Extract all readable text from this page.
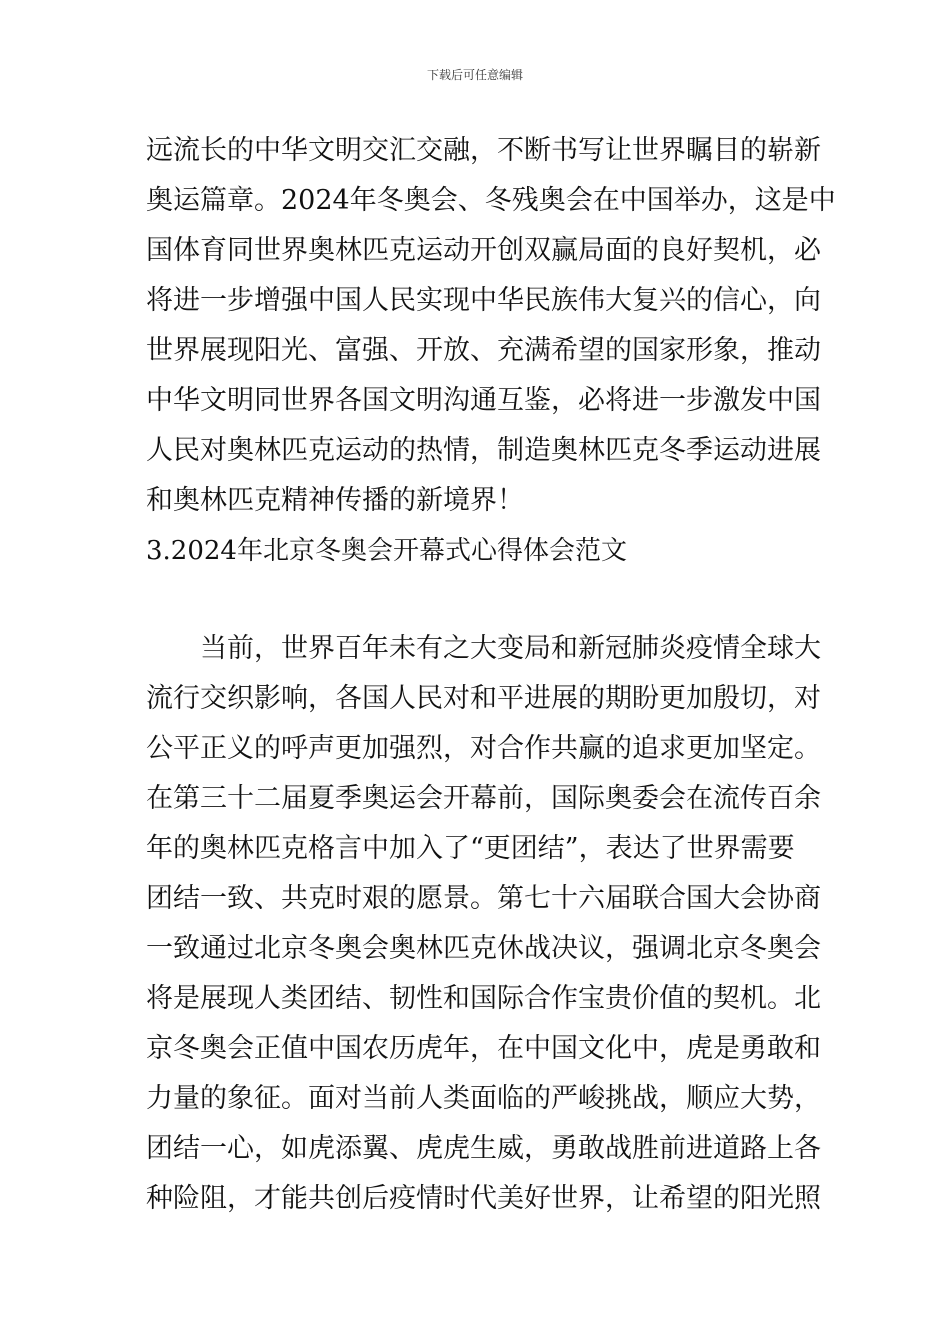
下载后可任意编辑
远流长的中华文明交汇交融，不断书写让世界瞩目的崭新
奥运篇章。2024年冬奥会、冬残奥会在中国举办，这是中
国体育同世界奥林匹克运动开创双赢局面的良好契机，必
将进一步增强中国人民实现中华民族伟大复兴的信心，向
世界展现阳光、富强、开放、充满希望的国家形象，推动
中华文明同世界各国文明沟通互鉴，必将进一步激发中国
人民对奥林匹克运动的热情，制造奥林匹克冬季运动进展
和奥林匹克精神传播的新境界！
3.2024年北京冬奥会开幕式心得体会范文
　　当前，世界百年未有之大变局和新冠肺炎疫情全球大
流行交织影响，各国人民对和平进展的期盼更加殷切，对
公平正义的呼声更加强烈，对合作共赢的追求更加坚定。
在第三十二届夏季奥运会开幕前，国际奥委会在流传百余
年的奥林匹克格言中加入了“更团结”，表达了世界需要
团结一致、共克时艰的愿景。第七十六届联合国大会协商
一致通过北京冬奥会奥林匹克休战决议，强调北京冬奥会
将是展现人类团结、韧性和国际合作宝贵价值的契机。北
京冬奥会正值中国农历虎年，在中国文化中，虎是勇敢和
力量的象征。面对当前人类面临的严峻挑战，顺应大势，
团结一心，如虎添翼、虎虎生威，勇敢战胜前进道路上各
种险阻，才能共创后疫情时代美好世界，让希望的阳光照
